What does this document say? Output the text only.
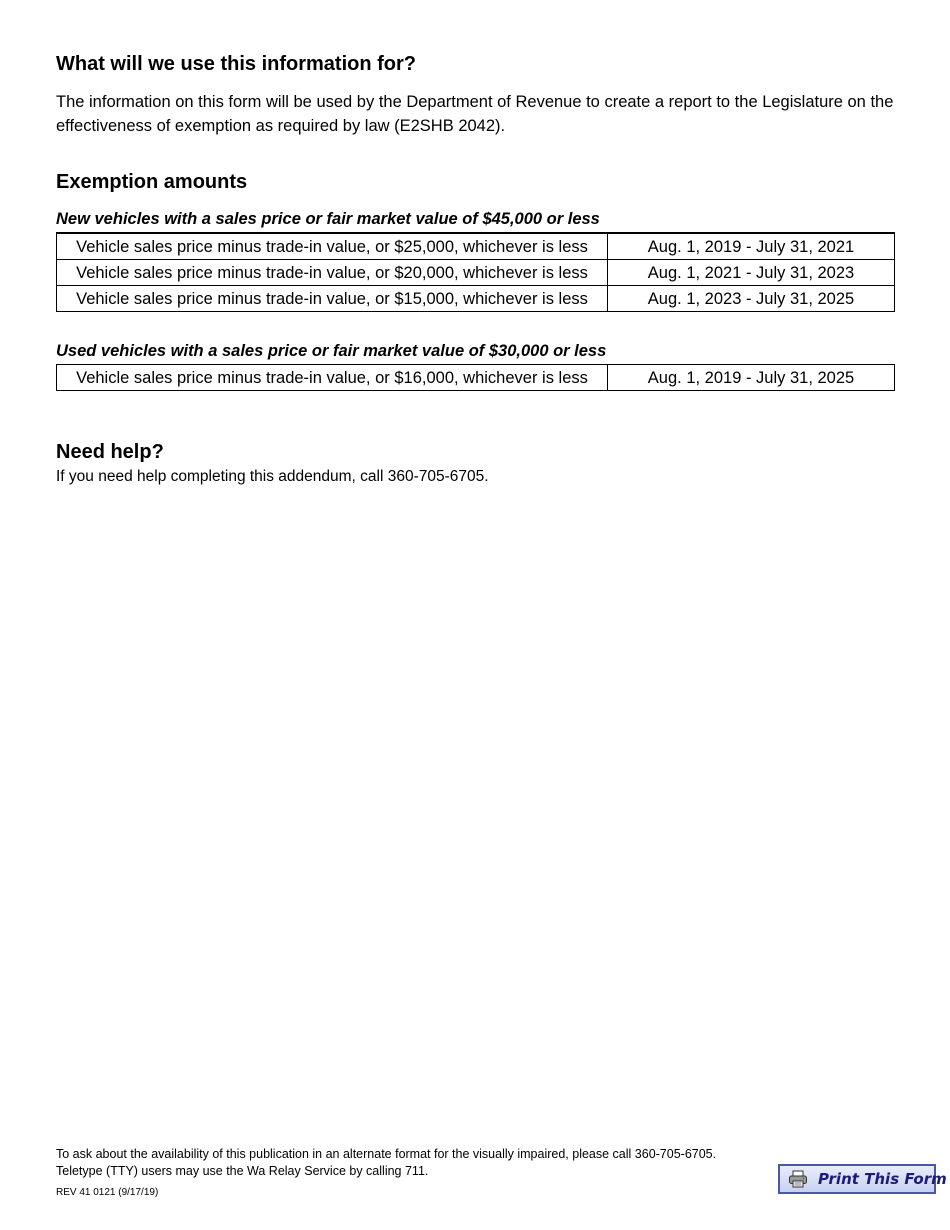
What will we use this information for?

The information on this form will be used by the Department of Revenue to create a report to the Legislature on the effectiveness of exemption as required by law (E2SHB 2042).

Exemption amounts

New vehicles with a sales price or fair market value of $45,000 or less

Vehicle sales price minus trade-in value, or $25,000, whichever is less	Aug. 1, 2019 - July 31, 2021
Vehicle sales price minus trade-in value, or $20,000, whichever is less	Aug. 1, 2021 - July 31, 2023
Vehicle sales price minus trade-in value, or $15,000, whichever is less	Aug. 1, 2023 - July 31, 2025

Used vehicles with a sales price or fair market value of $30,000 or less

Vehicle sales price minus trade-in value, or $16,000, whichever is less	Aug. 1, 2019 - July 31, 2025
Need help?

If you need help completing this addendum, call 360-705-6705.

To ask about the availability of this publication in an alternate format for the visually impaired, please call 360-705-6705.

Teletype (TTY) users may use the Wa Relay Service by calling 711.

REV 41 0121 (9/17/19)

Print This Form
